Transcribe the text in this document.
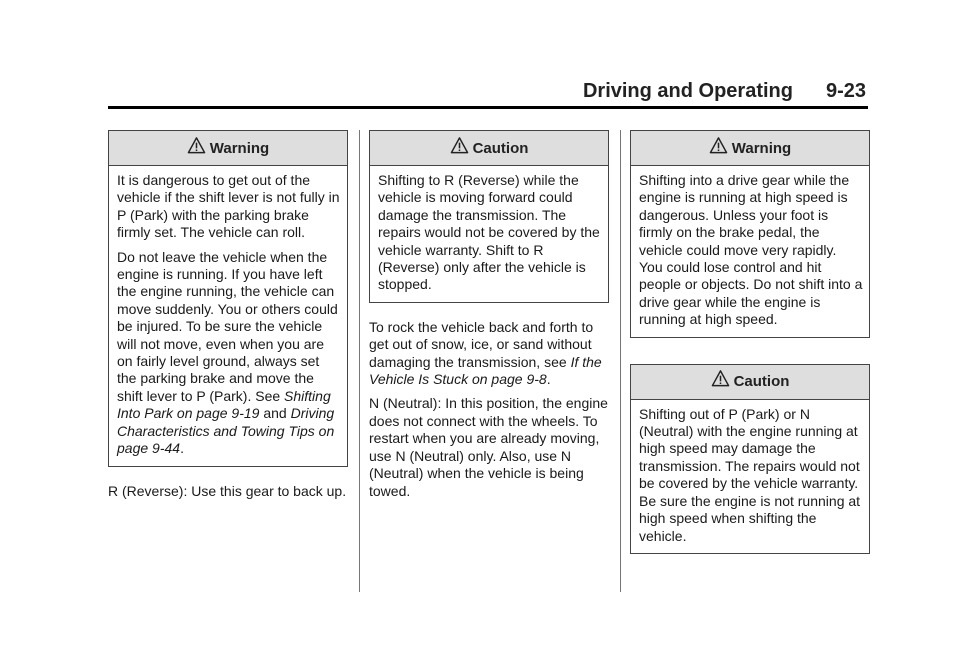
Driving and Operating 9-23
Warning

It is dangerous to get out of the vehicle if the shift lever is not fully in P (Park) with the parking brake firmly set. The vehicle can roll.

Do not leave the vehicle when the engine is running. If you have left the engine running, the vehicle can move suddenly. You or others could be injured. To be sure the vehicle will not move, even when you are on fairly level ground, always set the parking brake and move the shift lever to P (Park). See Shifting Into Park on page 9-19 and Driving Characteristics and Towing Tips on page 9-44.

R (Reverse): Use this gear to back up.

Caution

Shifting to R (Reverse) while the vehicle is moving forward could damage the transmission. The repairs would not be covered by the vehicle warranty. Shift to R (Reverse) only after the vehicle is stopped.

To rock the vehicle back and forth to get out of snow, ice, or sand without damaging the transmission, see If the Vehicle Is Stuck on page 9-8.

N (Neutral): In this position, the engine does not connect with the wheels. To restart when you are already moving, use N (Neutral) only. Also, use N (Neutral) when the vehicle is being towed.

Warning

Shifting into a drive gear while the engine is running at high speed is dangerous. Unless your foot is firmly on the brake pedal, the vehicle could move very rapidly. You could lose control and hit people or objects. Do not shift into a drive gear while the engine is running at high speed.

Caution

Shifting out of P (Park) or N (Neutral) with the engine running at high speed may damage the transmission. The repairs would not be covered by the vehicle warranty. Be sure the engine is not running at high speed when shifting the vehicle.
